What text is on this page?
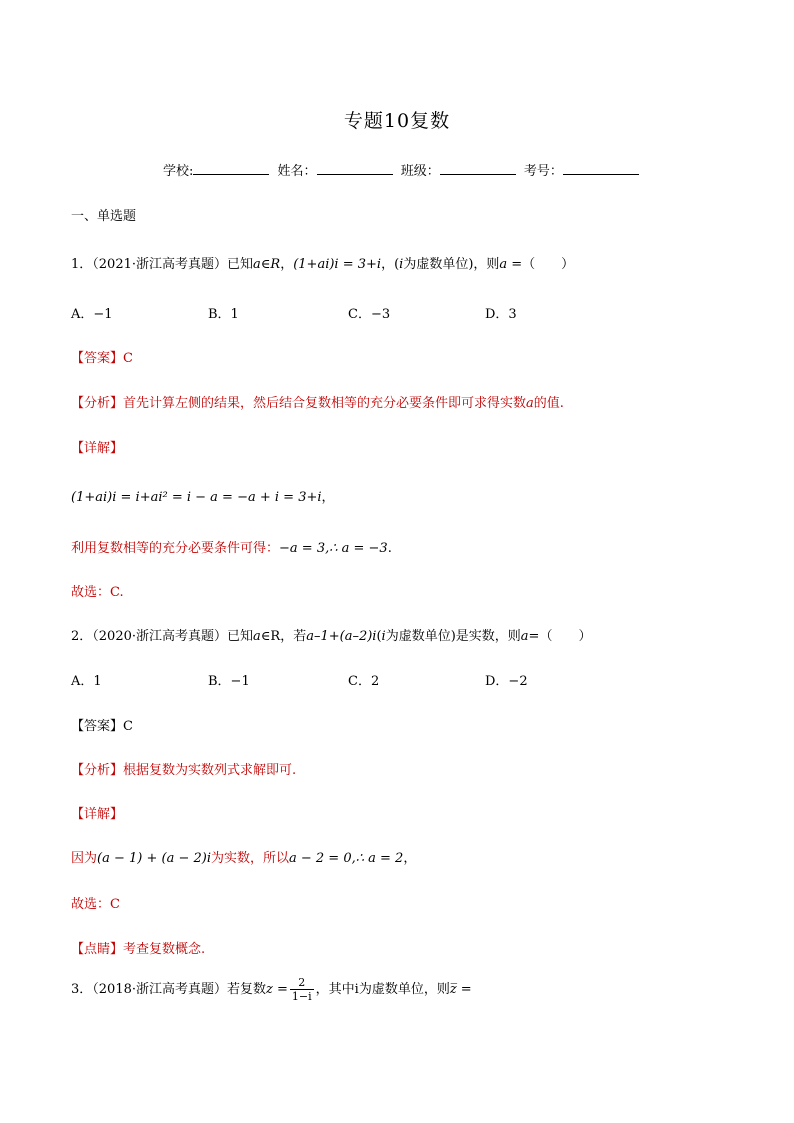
专题10复数
学校:	姓名：	班级：	考号：
一、单选题
1．（2021·浙江高考真题）已知a∈R，(1+ai)i = 3+i，(i为虚数单位)，则a =（　　）
A．−1	B．1	C．−3	D．3
【答案】C
【分析】首先计算左侧的结果，然后结合复数相等的充分必要条件即可求得实数a的值.
【详解】
(1+ai)i = i+ai² = i − a = −a + i = 3+i，
利用复数相等的充分必要条件可得：−a = 3,∴ a = −3.
故选：C.
2．（2020·浙江高考真题）已知a∈R，若a–1+(a–2)i(i为虚数单位)是实数，则a=（　　）
A．1	B．−1	C．2	D．−2
【答案】C
【分析】根据复数为实数列式求解即可.
【详解】
因为(a − 1) + (a − 2)i为实数，所以a − 2 = 0,∴ a = 2，
故选：C
【点睛】考查复数概念.
3．（2018·浙江高考真题）若复数$z = \frac{2}{1-i}$ ，其中i为虚数单位，则z̅ =
